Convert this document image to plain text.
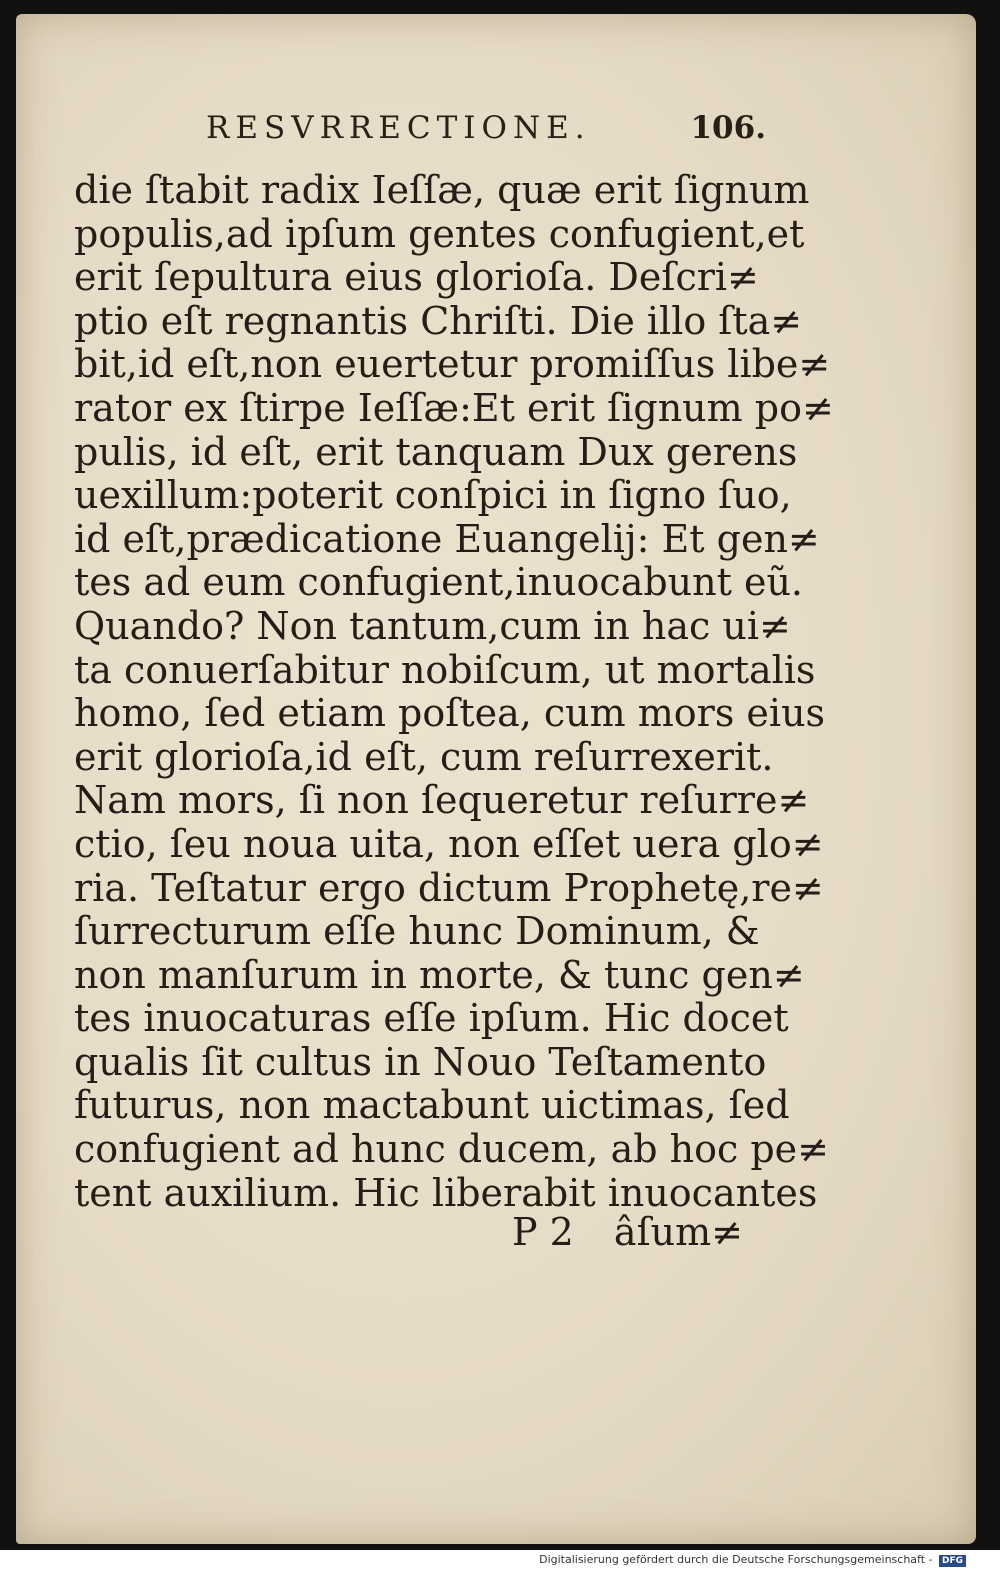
RESVRRECTIONE.	106.
die ſtabit radix Ieſſæ, quæ erit ſignum
populis,ad ipſum gentes confugient,et
erit ſepultura eius glorioſa. Deſcri≠
ptio eſt regnantis Chriſti. Die illo ſta≠
bit,id eſt,non euertetur promiſſus libe≠
rator ex ſtirpe Ieſſæ:Et erit ſignum po≠
pulis, id eſt, erit tanquam Dux gerens
uexillum:poterit conſpici in ſigno ſuo,
id eſt,prædicatione Euangelij: Et gen≠
tes ad eum confugient,inuocabunt eũ.
Quando? Non tantum,cum in hac ui≠
ta conuerſabitur nobiſcum, ut mortalis
homo, ſed etiam poſtea, cum mors eius
erit glorioſa,id eſt, cum reſurrexerit.
Nam mors, ſi non ſequeretur reſurre≠
ctio, ſeu noua uita, non eſſet uera glo≠
ria. Teſtatur ergo dictum Prophetę,re≠
ſurrecturum eſſe hunc Dominum, &
non manſurum in morte, & tunc gen≠
tes inuocaturas eſſe ipſum. Hic docet
qualis ſit cultus in Nouo Teſtamento
futurus, non mactabunt uictimas, ſed
confugient ad hunc ducem, ab hoc pe≠
tent auxilium. Hic liberabit inuocantes
P 2 âſum≠
Digitalisierung gefördert durch die Deutsche Forschungsgemeinschaft - DFG
